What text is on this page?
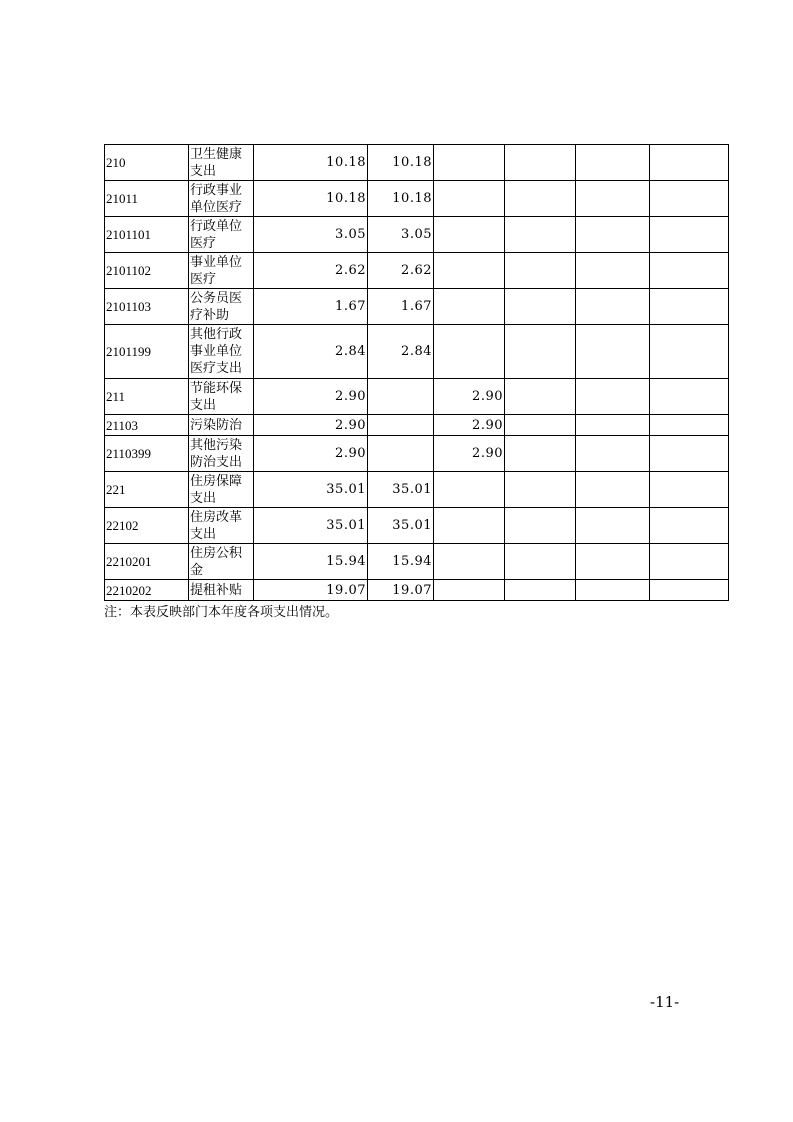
210	卫生健康支出	10.18	10.18				
21011	行政事业单位医疗	10.18	10.18				
2101101	行政单位医疗	3.05	3.05				
2101102	事业单位医疗	2.62	2.62				
2101103	公务员医疗补助	1.67	1.67				
2101199	其他行政事业单位医疗支出	2.84	2.84				
211	节能环保支出	2.90		2.90			
21103	污染防治	2.90		2.90			
2110399	其他污染防治支出	2.90		2.90			
221	住房保障支出	35.01	35.01				
22102	住房改革支出	35.01	35.01				
2210201	住房公积金	15.94	15.94				
2210202	提租补贴	19.07	19.07				
注：本表反映部门本年度各项支出情况。
-11-
